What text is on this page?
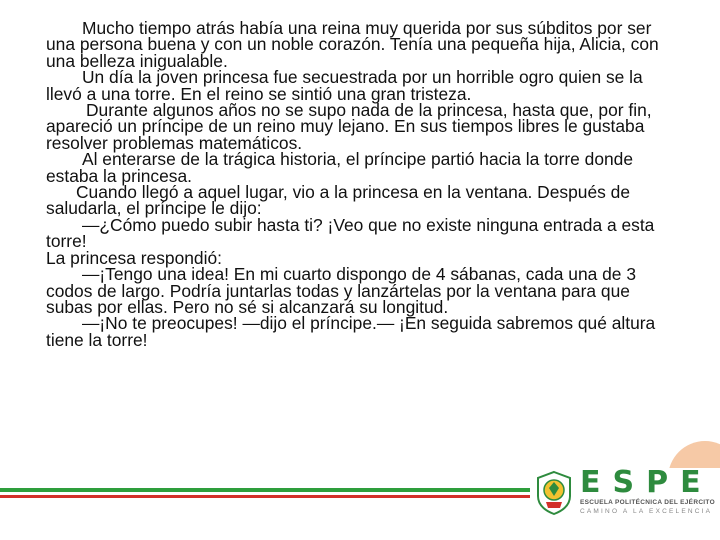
Mucho tiempo atrás había una reina muy querida por sus súbditos por ser una persona buena y con un noble corazón. Tenía una pequeña hija, Alicia, con una belleza inigualable.

Un día la joven princesa fue secuestrada por un horrible ogro quien se la llevó a una torre. En el reino se sintió una gran tristeza.

Durante algunos años no se supo nada de la princesa, hasta que, por fin, apareció un príncipe de un reino muy lejano. En sus tiempos libres le gustaba resolver problemas matemáticos.

Al enterarse de la trágica historia, el príncipe partió hacia la torre donde estaba la princesa.

Cuando llegó a aquel lugar, vio a la princesa en la ventana. Después de saludarla, el príncipe le dijo:

—¿Cómo puedo subir hasta ti? ¡Veo que no existe ninguna entrada a esta torre!

La princesa respondió:

—¡Tengo una idea! En mi cuarto dispongo de 4 sábanas, cada una de 3 codos de largo. Podría juntarlas todas y lanzártelas por la ventana para que subas por ellas. Pero no sé si alcanzará su longitud.

—¡No te preocupes! —dijo el príncipe.— ¡En seguida sabremos qué altura tiene la torre!

ESPE
ESCUELA POLITÉCNICA DEL EJÉRCITO
CAMINO A LA EXCELENCIA
